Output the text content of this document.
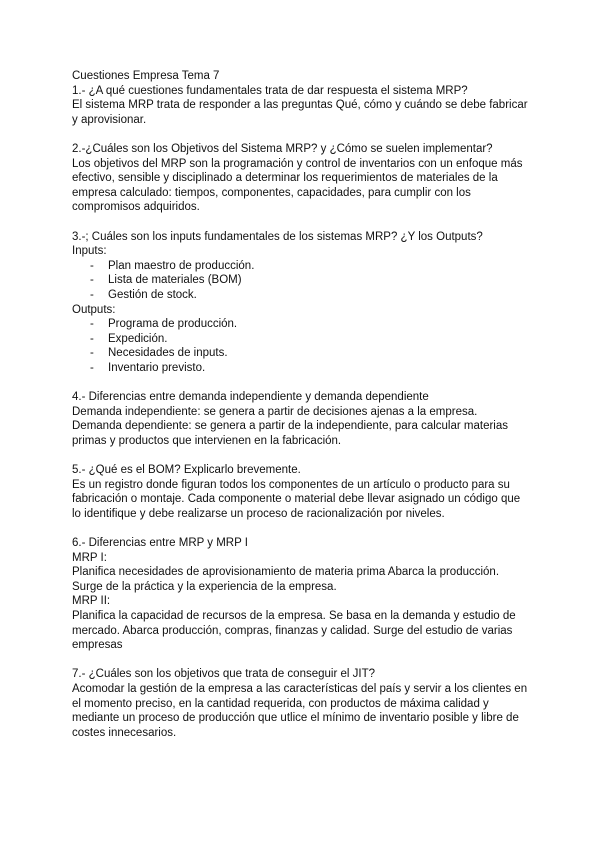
Cuestiones Empresa Tema 7

1.- ¿A qué cuestiones fundamentales trata de dar respuesta el sistema MRP?

El sistema MRP trata de responder a las preguntas Qué, cómo y cuándo se debe fabricar y aprovisionar.

2.-¿Cuáles son los Objetivos del Sistema MRP? y ¿Cómo se suelen implementar?

Los objetivos del MRP son la programación y control de inventarios con un enfoque más efectivo, sensible y disciplinado a determinar los requerimientos de materiales de la empresa calculado: tiempos, componentes, capacidades, para cumplir con los compromisos adquiridos.

3.-; Cuáles son los inputs fundamentales de los sistemas MRP? ¿Y los Outputs?

Inputs:

- Plan maestro de producción.
- Lista de materiales (BOM)
- Gestión de stock.

Outputs:

- Programa de producción.
- Expedición.
- Necesidades de inputs.
- Inventario previsto.

4.- Diferencias entre demanda independiente y demanda dependiente

Demanda independiente: se genera a partir de decisiones ajenas a la empresa.

Demanda dependiente: se genera a partir de la independiente, para calcular materias primas y productos que intervienen en la fabricación.

5.- ¿Qué es el BOM? Explicarlo brevemente.

Es un registro donde figuran todos los componentes de un artículo o producto para su fabricación o montaje. Cada componente o material debe llevar asignado un código que lo identifique y debe realizarse un proceso de racionalización por niveles.

6.- Diferencias entre MRP y MRP I

MRP I:

Planifica necesidades de aprovisionamiento de materia prima Abarca la producción. Surge de la práctica y la experiencia de la empresa.

MRP II:

Planifica la capacidad de recursos de la empresa. Se basa en la demanda y estudio de mercado. Abarca producción, compras, finanzas y calidad. Surge del estudio de varias empresas

7.- ¿Cuáles son los objetivos que trata de conseguir el JIT?

Acomodar la gestión de la empresa a las características del país y servir a los clientes en el momento preciso, en la cantidad requerida, con productos de máxima calidad y mediante un proceso de producción que utlice el mínimo de inventario posible y libre de costes innecesarios.
